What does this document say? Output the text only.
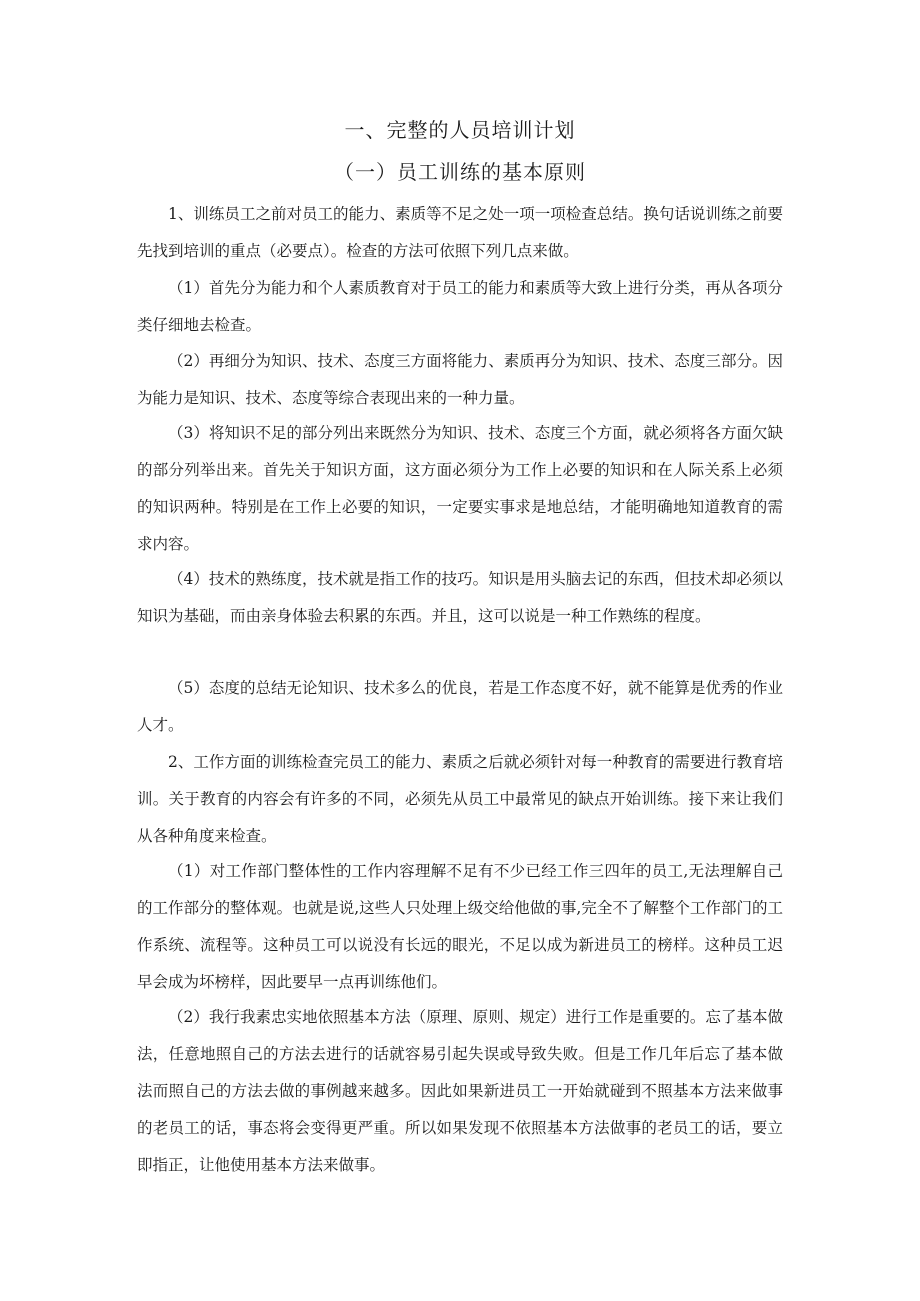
一、完整的人员培训计划
（一）员工训练的基本原则

1、训练员工之前对员工的能力、素质等不足之处一项一项检查总结。换句话说训练之前要先找到培训的重点（必要点）。检查的方法可依照下列几点来做。

（1）首先分为能力和个人素质教育对于员工的能力和素质等大致上进行分类，再从各项分类仔细地去检查。

（2）再细分为知识、技术、态度三方面将能力、素质再分为知识、技术、态度三部分。因为能力是知识、技术、态度等综合表现出来的一种力量。

（3）将知识不足的部分列出来既然分为知识、技术、态度三个方面，就必须将各方面欠缺的部分列举出来。首先关于知识方面，这方面必须分为工作上必要的知识和在人际关系上必须的知识两种。特别是在工作上必要的知识，一定要实事求是地总结，才能明确地知道教育的需求内容。

（4）技术的熟练度，技术就是指工作的技巧。知识是用头脑去记的东西，但技术却必须以知识为基础，而由亲身体验去积累的东西。并且，这可以说是一种工作熟练的程度。

（5）态度的总结无论知识、技术多么的优良，若是工作态度不好，就不能算是优秀的作业人才。

2、工作方面的训练检查完员工的能力、素质之后就必须针对每一种教育的需要进行教育培训。关于教育的内容会有许多的不同，必须先从员工中最常见的缺点开始训练。接下来让我们从各种角度来检查。

（1）对工作部门整体性的工作内容理解不足有不少已经工作三四年的员工,无法理解自己的工作部分的整体观。也就是说,这些人只处理上级交给他做的事,完全不了解整个工作部门的工作系统、流程等。这种员工可以说没有长远的眼光，不足以成为新进员工的榜样。这种员工迟早会成为坏榜样，因此要早一点再训练他们。

（2）我行我素忠实地依照基本方法（原理、原则、规定）进行工作是重要的。忘了基本做法，任意地照自己的方法去进行的话就容易引起失误或导致失败。但是工作几年后忘了基本做法而照自己的方法去做的事例越来越多。因此如果新进员工一开始就碰到不照基本方法来做事的老员工的话，事态将会变得更严重。所以如果发现不依照基本方法做事的老员工的话，要立即指正，让他使用基本方法来做事。
